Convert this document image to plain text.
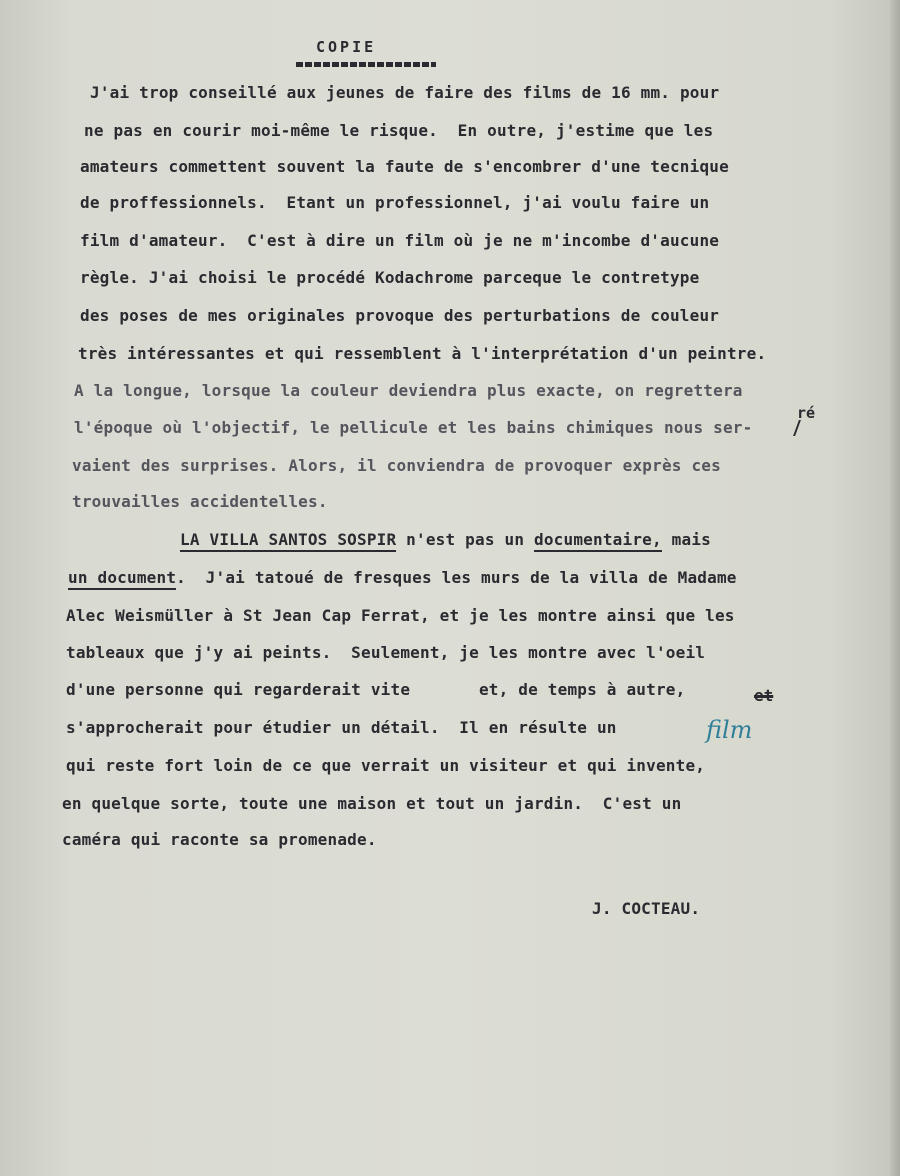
COPIE
J'ai trop conseillé aux jeunes de faire des films de 16 mm. pour
ne pas en courir moi-même le risque.  En outre, j'estime que les
amateurs commettent souvent la faute de s'encombrer d'une tecnique
de proffessionnels.  Etant un professionnel, j'ai voulu faire un
film d'amateur.  C'est à dire un film où je ne m'incombe d'aucune
règle. J'ai choisi le procédé Kodachrome parceque le contretype
des poses de mes originales provoque des perturbations de couleur
très intéressantes et qui ressemblent à l'interprétation d'un peintre.
A la longue, lorsque la couleur deviendra plus exacte, on regrettera
l'époque où l'objectif, le pellicule et les bains chimiques nous ser-
ré
vaient des surprises. Alors, il conviendra de provoquer exprès ces
trouvailles accidentelles.
LA VILLA SANTOS SOSPIR n'est pas un documentaire, mais
un document.  J'ai tatoué de fresques les murs de la villa de Madame
Alec Weismüller à St Jean Cap Ferrat, et je les montre ainsi que les
tableaux que j'y ai peints.  Seulement, je les montre avec l'oeil
d'une personne qui regarderait vite       et, de temps à autre,	et
s'approcherait pour étudier un détail.  Il en résulte un	film
qui reste fort loin de ce que verrait un visiteur et qui invente,
en quelque sorte, toute une maison et tout un jardin.  C'est un
caméra qui raconte sa promenade.
J. COCTEAU.
